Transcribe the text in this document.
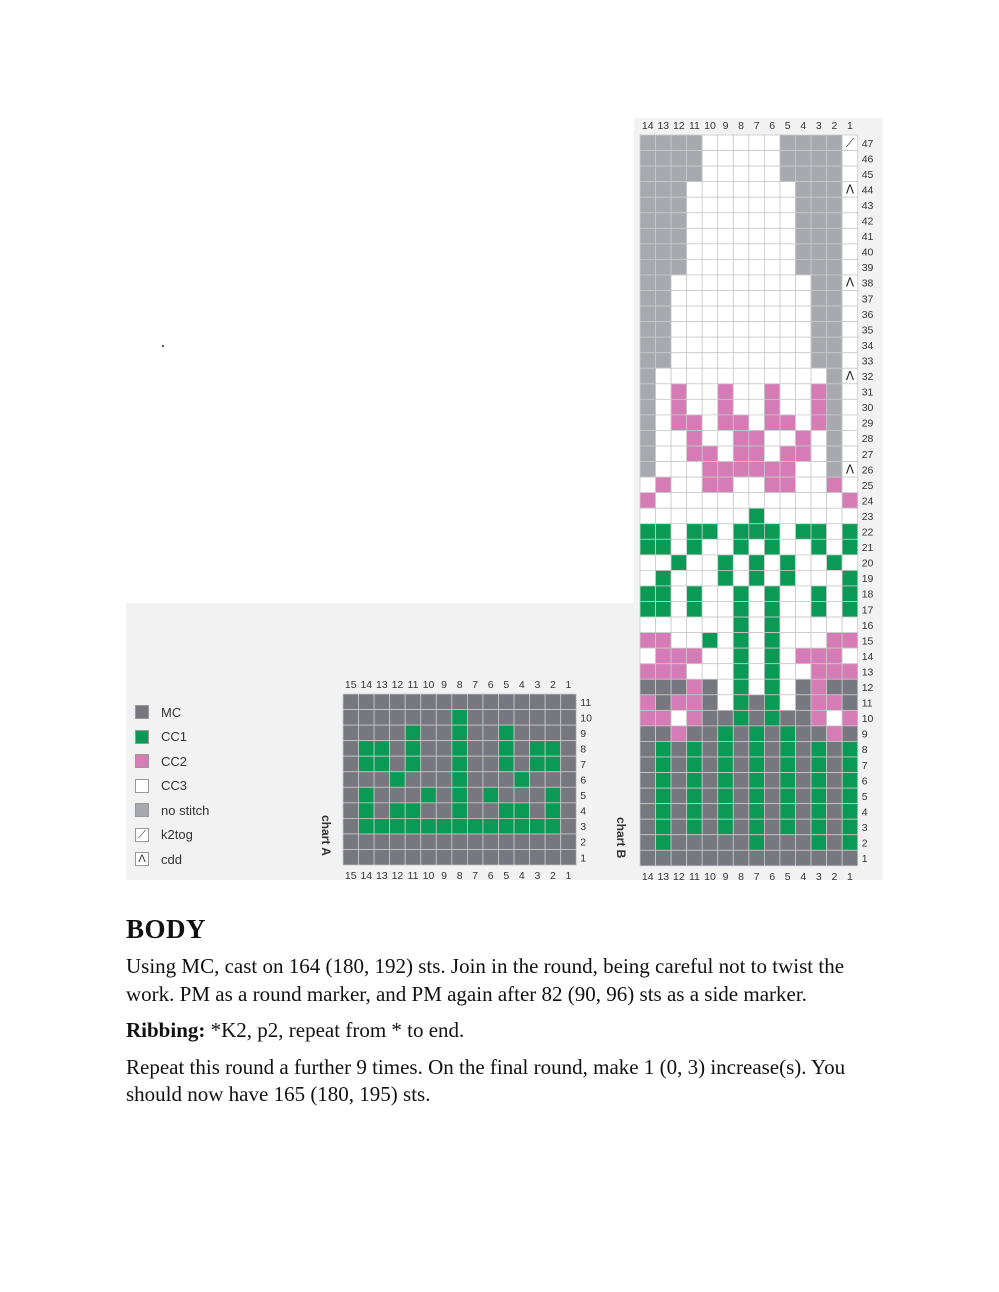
15
15
14
14
13
13
12
12
11
11
10
10
9
9
8
8
7
7
6
6
5
5
4
4
3
3
2
2
1
1
1
2
3
4
5
6
7
8
9
10
11
chart A
14
14
13
13
12
12
11
11
10
10
9
9
8
8
7
7
6
6
5
5
4
4
3
3
2
2
1
1
1
2
3
4
5
6
7
8
9
10
11
12
13
14
15
16
17
18
19
20
21
22
23
24
25
26
27
28
29
30
31
32
33
34
35
36
37
38
39
40
41
42
43
44
45
46
47
chart B
Λ
Λ
Λ
Λ
⟋
MC
CC1
CC2
CC3
no stitch
⟋ k2tog
Λ cdd
BODY

Using MC, cast on 164 (180, 192) sts. Join in the round, being careful not to twist the work. PM as a round marker, and PM again after 82 (90, 96) sts as a side marker.

Ribbing: *K2, p2, repeat from * to end.

Repeat this round a further 9 times. On the final round, make 1 (0, 3) increase(s). You should now have 165 (180, 195) sts.
